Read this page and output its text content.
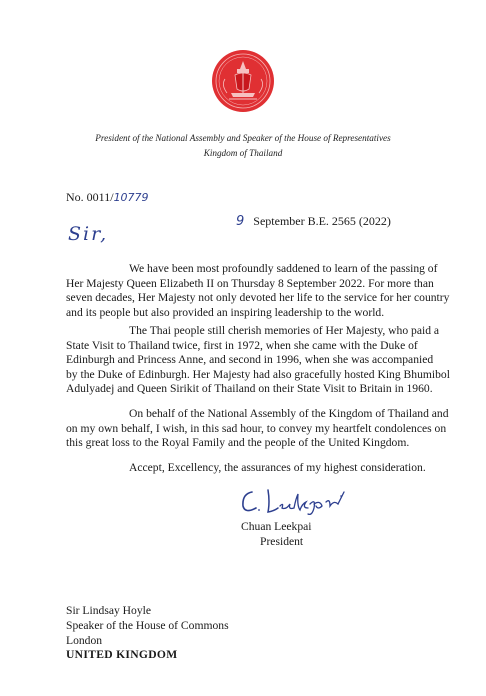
President of the National Assembly and Speaker of the House of Representatives
Kingdom of Thailand
No. 0011/10779
Sir,
9 September B.E. 2565 (2022)

We have been most profoundly saddened to learn of the passing of
Her Majesty Queen Elizabeth II on Thursday 8 September 2022. For more than
seven decades, Her Majesty not only devoted her life to the service for her country
and its people but also provided an inspiring leadership to the world.

The Thai people still cherish memories of Her Majesty, who paid a
State Visit to Thailand twice, first in 1972, when she came with the Duke of
Edinburgh and Princess Anne, and second in 1996, when she was accompanied
by the Duke of Edinburgh. Her Majesty had also gracefully hosted King Bhumibol
Adulyadej and Queen Sirikit of Thailand on their State Visit to Britain in 1960.

On behalf of the National Assembly of the Kingdom of Thailand and
on my own behalf, I wish, in this sad hour, to convey my heartfelt condolences on
this great loss to the Royal Family and the people of the United Kingdom.

Accept, Excellency, the assurances of my highest consideration.

Chuan Leekpai
President
Sir Lindsay Hoyle
Speaker of the House of Commons
London
UNITED KINGDOM
